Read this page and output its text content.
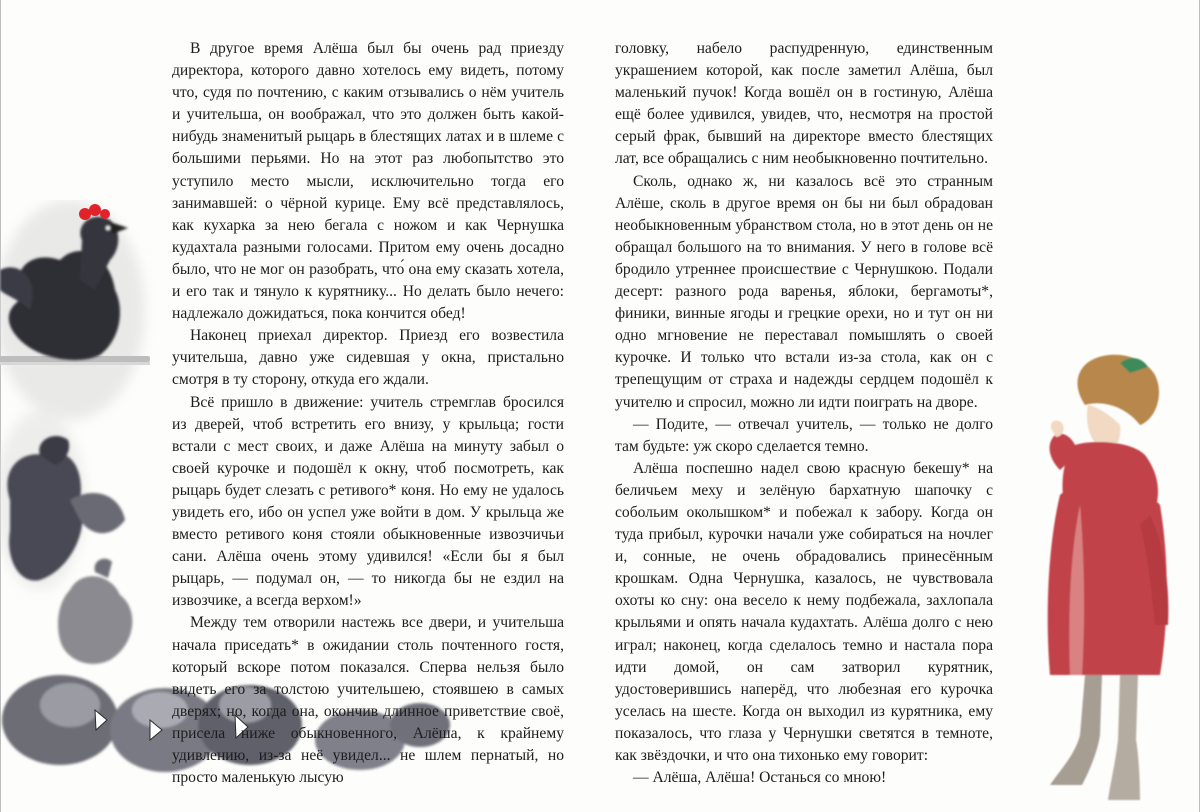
В другое время Алёша был бы очень рад приезду директора, которого давно хотелось ему видеть, потому что, судя по почтению, с каким отзывались о нём учитель и учительша, он воображал, что это должен быть какой-нибудь знаменитый рыцарь в блестящих латах и в шлеме с большими перьями. Но на этот раз любопытство это уступило место мысли, исключительно тогда его занимавшей: о чёрной курице. Ему всё представлялось, как кухарка за нею бегала с ножом и как Чернушка кудахтала разными голосами. Притом ему очень досадно было, что не мог он разобрать, что́ она ему сказать хотела, и его так и тянуло к курятнику... Но делать было нечего: надлежало дожидаться, пока кончится обед!

Наконец приехал директор. Приезд его возвестила учительша, давно уже сидевшая у окна, пристально смотря в ту сторону, откуда его ждали.

Всё пришло в движение: учитель стремглав бросился из дверей, чтоб встретить его внизу, у крыльца; гости встали с мест своих, и даже Алёша на минуту забыл о своей курочке и подошёл к окну, чтоб посмотреть, как рыцарь будет слезать с ретивого* коня. Но ему не удалось увидеть его, ибо он успел уже войти в дом. У крыльца же вместо ретивого коня стояли обыкновенные извозчичьи сани. Алёша очень этому удивился! «Если бы я был рыцарь, — подумал он, — то никогда бы не ездил на извозчике, а всегда верхом!»

Между тем отворили настежь все двери, и учительша начала приседать* в ожидании столь почтенного гостя, который вскоре потом показался. Сперва нельзя было видеть его за толстою учительшею, стоявшею в самых дверях; но, когда она, окончив длинное приветствие своё, присела ниже обыкновенного, Алёша, к крайнему удивлению, из-за неё увидел... не шлем пернатый, но просто маленькую лысую

головку, набело распудренную, единственным украшением которой, как после заметил Алёша, был маленький пучок! Когда вошёл он в гостиную, Алёша ещё более удивился, увидев, что, несмотря на простой серый фрак, бывший на директоре вместо блестящих лат, все обращались с ним необыкновенно почтительно.

Сколь, однако ж, ни казалось всё это странным Алёше, сколь в другое время он бы ни был обрадован необыкновенным убранством стола, но в этот день он не обращал большого на то внимания. У него в голове всё бродило утреннее происшествие с Чернушкою. Подали десерт: разного рода варенья, яблоки, бергамоты*, финики, винные ягоды и грецкие орехи, но и тут он ни одно мгновение не переставал помышлять о своей курочке. И только что встали из-за стола, как он с трепещущим от страха и надежды сердцем подошёл к учителю и спросил, можно ли идти поиграть на дворе.

— Подите, — отвечал учитель, — только не долго там будьте: уж скоро сделается темно.

Алёша поспешно надел свою красную бекешу* на беличьем меху и зелёную бархатную шапочку с собольим околышком* и побежал к забору. Когда он туда прибыл, курочки начали уже собираться на ночлег и, сонные, не очень обрадовались принесённым крошкам. Одна Чернушка, казалось, не чувствовала охоты ко сну: она весело к нему подбежала, захлопала крыльями и опять начала кудахтать. Алёша долго с нею играл; наконец, когда сделалось темно и настала пора идти домой, он сам затворил курятник, удостоверившись наперёд, что любезная его курочка уселась на шесте. Когда он выходил из курятника, ему показалось, что глаза у Чернушки светятся в темноте, как звёздочки, и что она тихонько ему говорит:

— Алёша, Алёша! Останься со мною!
